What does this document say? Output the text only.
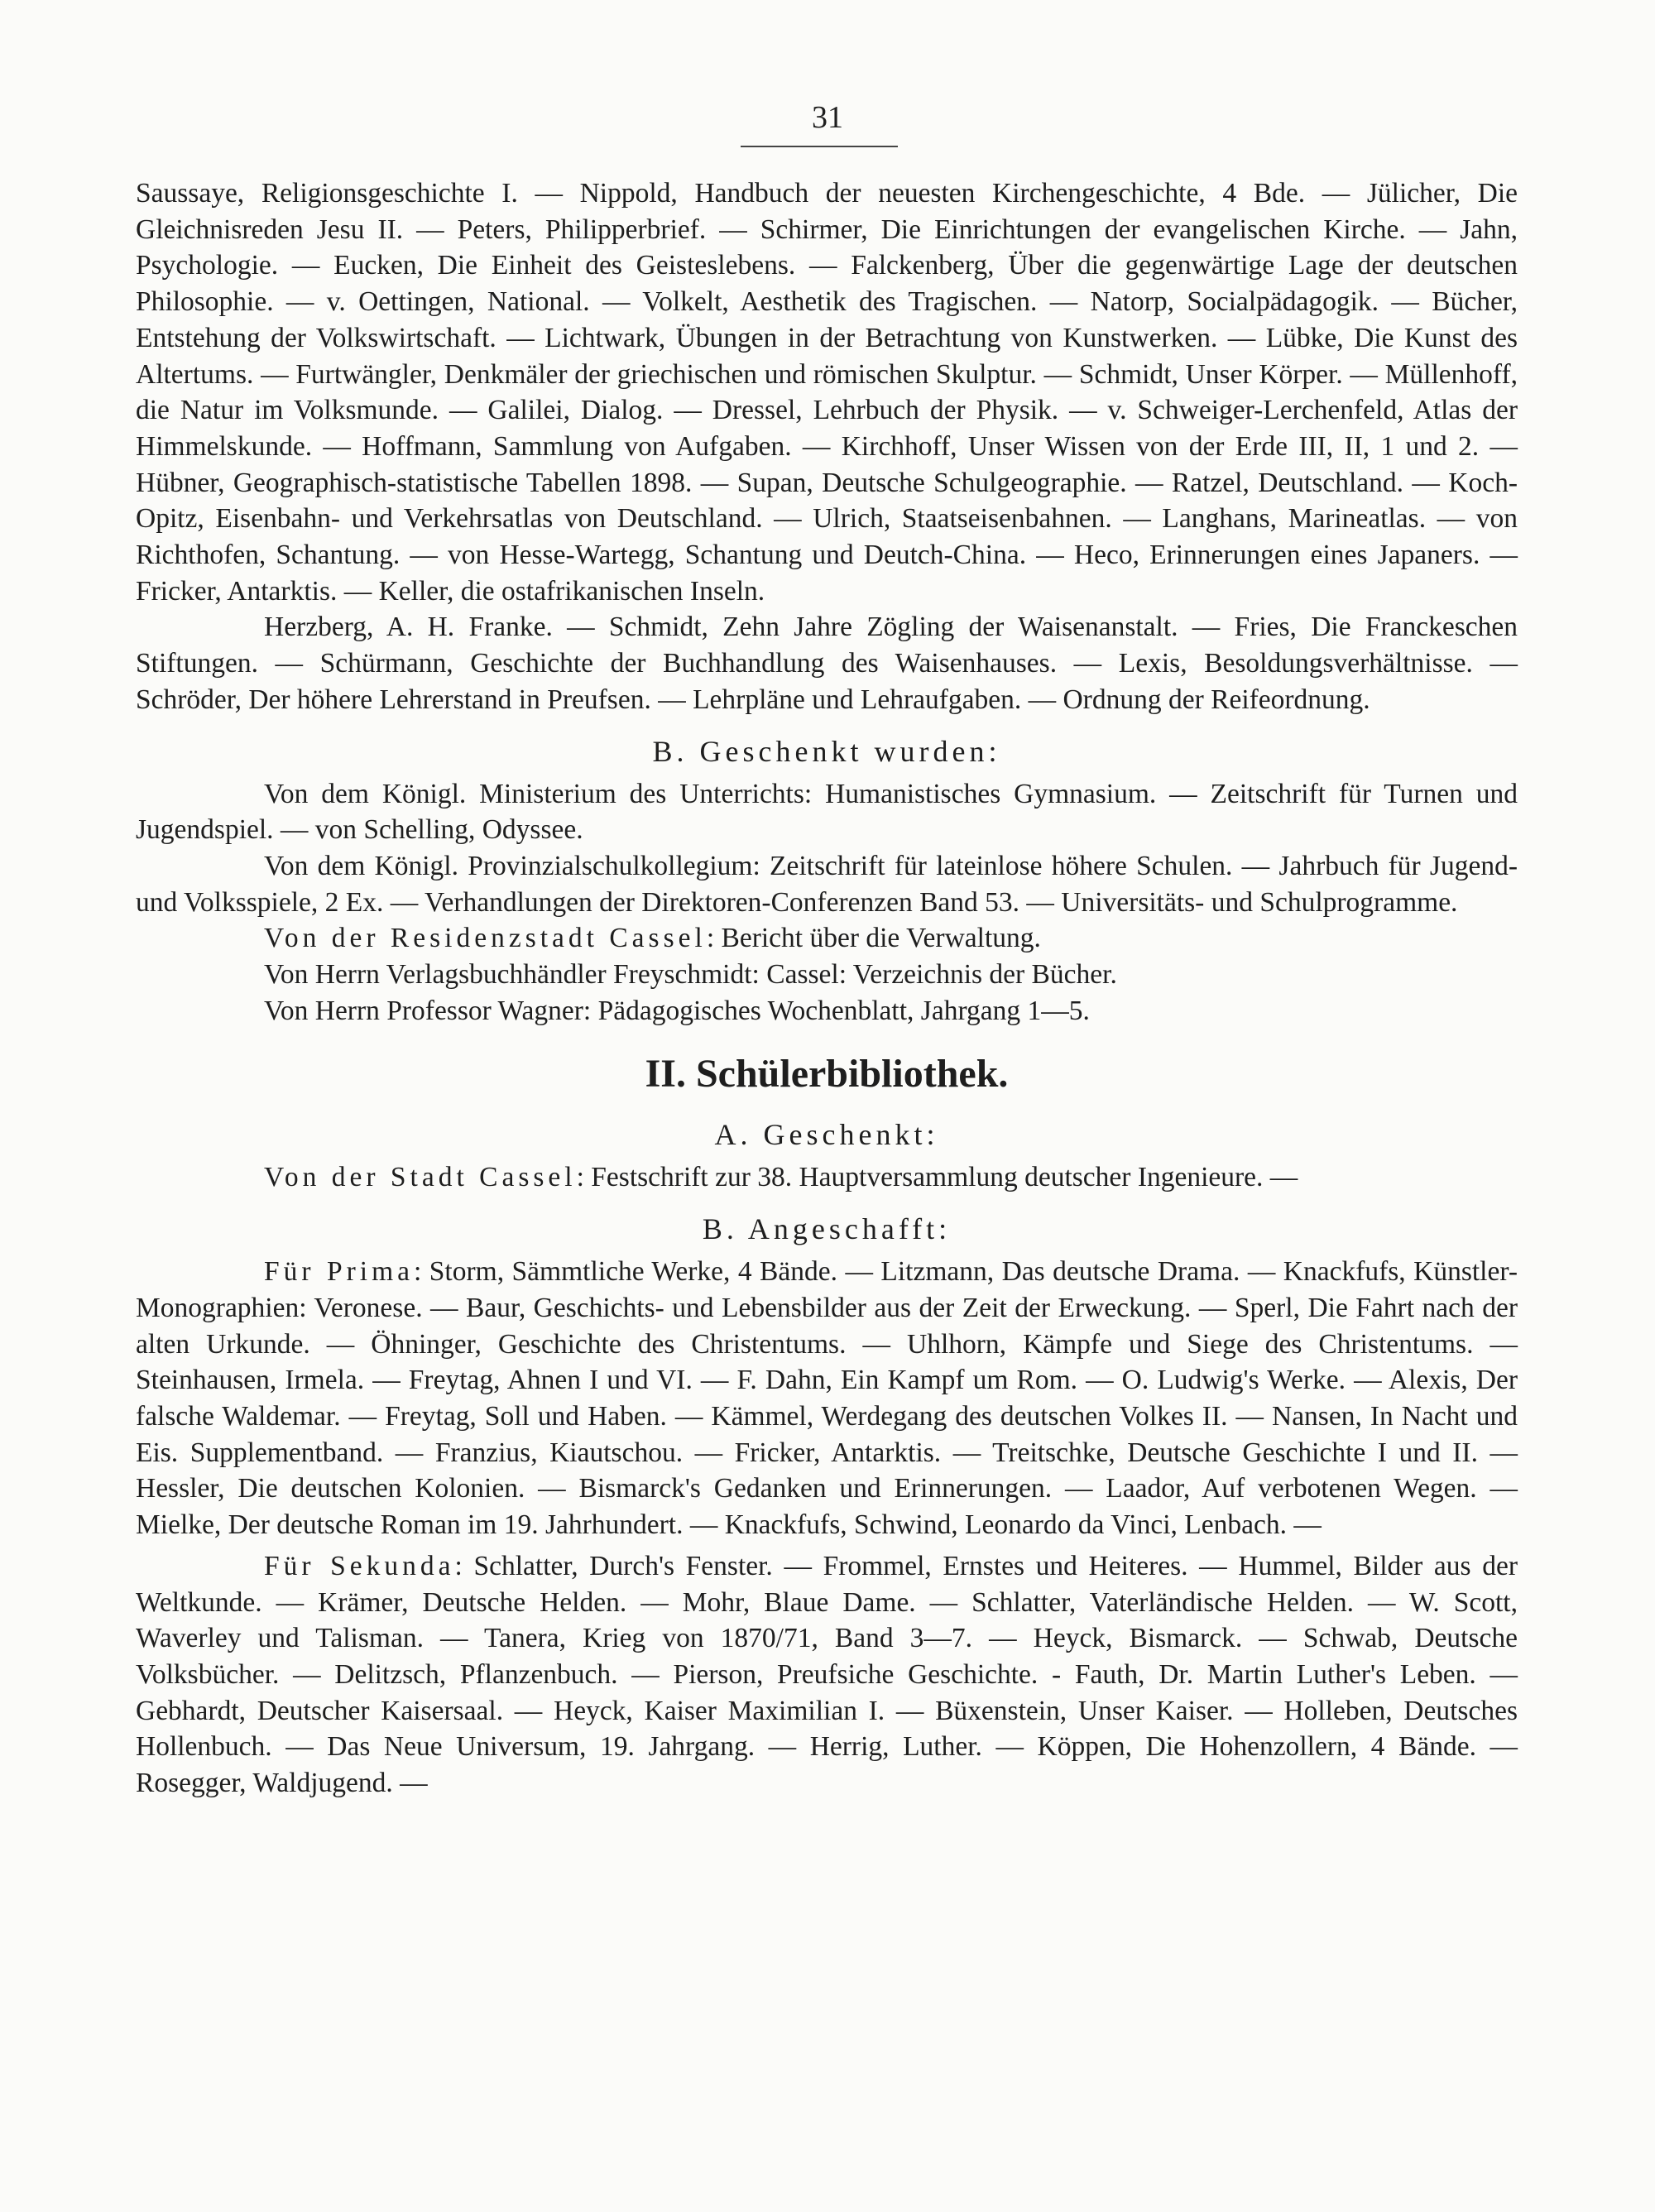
31

Saussaye, Religionsgeschichte I. — Nippold, Handbuch der neuesten Kirchengeschichte, 4 Bde. — Jülicher, Die Gleichnisreden Jesu II. — Peters, Philipperbrief. — Schirmer, Die Einrichtungen der evangelischen Kirche. — Jahn, Psychologie. — Eucken, Die Einheit des Geisteslebens. — Falckenberg, Über die gegenwärtige Lage der deutschen Philosophie. — v. Oettingen, National. — Volkelt, Aesthetik des Tragischen. — Natorp, Socialpädagogik. — Bücher, Entstehung der Volkswirtschaft. — Lichtwark, Übungen in der Betrachtung von Kunstwerken. — Lübke, Die Kunst des Altertums. — Furtwängler, Denkmäler der griechischen und römischen Skulptur. — Schmidt, Unser Körper. — Müllenhoff, die Natur im Volksmunde. — Galilei, Dialog. — Dressel, Lehrbuch der Physik. — v. Schweiger-Lerchenfeld, Atlas der Himmelskunde. — Hoffmann, Sammlung von Aufgaben. — Kirchhoff, Unser Wissen von der Erde III, II, 1 und 2. — Hübner, Geographisch-statistische Tabellen 1898. — Supan, Deutsche Schulgeographie. — Ratzel, Deutschland. — Koch-Opitz, Eisenbahn- und Verkehrsatlas von Deutschland. — Ulrich, Staatseisenbahnen. — Langhans, Marineatlas. — von Richthofen, Schantung. — von Hesse-Wartegg, Schantung und Deutch-China. — Heco, Erinnerungen eines Japaners. — Fricker, Antarktis. — Keller, die ostafrikanischen Inseln.

Herzberg, A. H. Franke. — Schmidt, Zehn Jahre Zögling der Waisenanstalt. — Fries, Die Franckeschen Stiftungen. — Schürmann, Geschichte der Buchhandlung des Waisenhauses. — Lexis, Besoldungsverhältnisse. — Schröder, Der höhere Lehrerstand in Preufsen. — Lehrpläne und Lehraufgaben. — Ordnung der Reifeordnung.

B. Geschenkt wurden:

Von dem Königl. Ministerium des Unterrichts: Humanistisches Gymnasium. — Zeitschrift für Turnen und Jugendspiel. — von Schelling, Odyssee.

Von dem Königl. Provinzialschulkollegium: Zeitschrift für lateinlose höhere Schulen. — Jahrbuch für Jugend- und Volksspiele, 2 Ex. — Verhandlungen der Direktoren-Conferenzen Band 53. — Universitäts- und Schulprogramme.

Von der Residenzstadt Cassel: Bericht über die Verwaltung.

Von Herrn Verlagsbuchhändler Freyschmidt: Cassel: Verzeichnis der Bücher.

Von Herrn Professor Wagner: Pädagogisches Wochenblatt, Jahrgang 1—5.

II. Schülerbibliothek.
A. Geschenkt:

Von der Stadt Cassel: Festschrift zur 38. Hauptversammlung deutscher Ingenieure. —

B. Angeschafft:

Für Prima: Storm, Sämmtliche Werke, 4 Bände. — Litzmann, Das deutsche Drama. — Knackfufs, Künstler-Monographien: Veronese. — Baur, Geschichts- und Lebensbilder aus der Zeit der Erweckung. — Sperl, Die Fahrt nach der alten Urkunde. — Öhninger, Geschichte des Christentums. — Uhlhorn, Kämpfe und Siege des Christentums. — Steinhausen, Irmela. — Freytag, Ahnen I und VI. — F. Dahn, Ein Kampf um Rom. — O. Ludwig's Werke. — Alexis, Der falsche Waldemar. — Freytag, Soll und Haben. — Kämmel, Werdegang des deutschen Volkes II. — Nansen, In Nacht und Eis. Supplementband. — Franzius, Kiautschou. — Fricker, Antarktis. — Treitschke, Deutsche Geschichte I und II. — Hessler, Die deutschen Kolonien. — Bismarck's Gedanken und Erinnerungen. — Laador, Auf verbotenen Wegen. — Mielke, Der deutsche Roman im 19. Jahrhundert. — Knackfufs, Schwind, Leonardo da Vinci, Lenbach. —

Für Sekunda: Schlatter, Durch's Fenster. — Frommel, Ernstes und Heiteres. — Hummel, Bilder aus der Weltkunde. — Krämer, Deutsche Helden. — Mohr, Blaue Dame. — Schlatter, Vaterländische Helden. — W. Scott, Waverley und Talisman. — Tanera, Krieg von 1870/71, Band 3—7. — Heyck, Bismarck. — Schwab, Deutsche Volksbücher. — Delitzsch, Pflanzenbuch. — Pierson, Preufsiche Geschichte. - Fauth, Dr. Martin Luther's Leben. — Gebhardt, Deutscher Kaisersaal. — Heyck, Kaiser Maximilian I. — Büxenstein, Unser Kaiser. — Holleben, Deutsches Hollenbuch. — Das Neue Universum, 19. Jahrgang. — Herrig, Luther. — Köppen, Die Hohenzollern, 4 Bände. — Rosegger, Waldjugend. —
